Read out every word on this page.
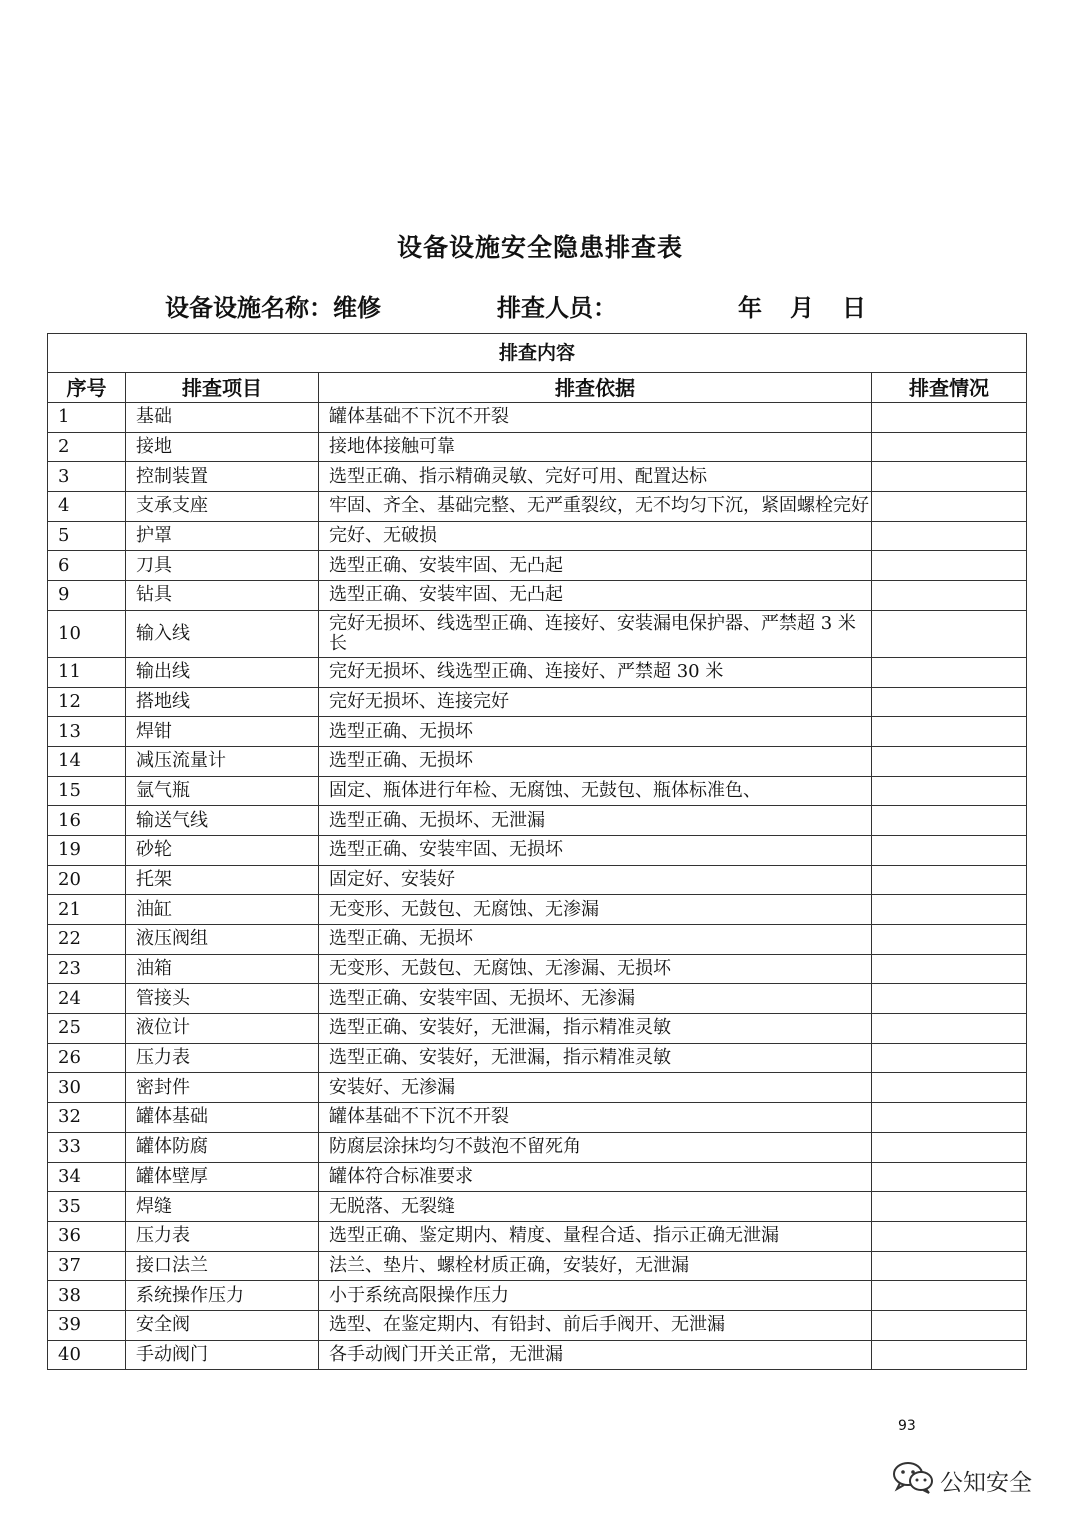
设备设施安全隐患排查表
设备设施名称：维修	排查人员：	年 月 日
排查内容			
序号	排查项目	排查依据	排查情况
1	基础	罐体基础不下沉不开裂	
2	接地	接地体接触可靠	
3	控制装置	选型正确、指示精确灵敏、完好可用、配置达标	
4	支承支座	牢固、齐全、基础完整、无严重裂纹，无不均匀下沉，紧固螺栓完好	
5	护罩	完好、无破损	
6	刀具	选型正确、安装牢固、无凸起	
9	钻具	选型正确、安装牢固、无凸起	
10	输入线	完好无损坏、线选型正确、连接好、安装漏电保护器、严禁超 3 米长	
11	输出线	完好无损坏、线选型正确、连接好、严禁超 30 米	
12	搭地线	完好无损坏、连接完好	
13	焊钳	选型正确、无损坏	
14	减压流量计	选型正确、无损坏	
15	氩气瓶	固定、瓶体进行年检、无腐蚀、无鼓包、瓶体标准色、	
16	输送气线	选型正确、无损坏、无泄漏	
19	砂轮	选型正确、安装牢固、无损坏	
20	托架	固定好、安装好	
21	油缸	无变形、无鼓包、无腐蚀、无渗漏	
22	液压阀组	选型正确、无损坏	
23	油箱	无变形、无鼓包、无腐蚀、无渗漏、无损坏	
24	管接头	选型正确、安装牢固、无损坏、无渗漏	
25	液位计	选型正确、安装好，无泄漏，指示精准灵敏	
26	压力表	选型正确、安装好，无泄漏，指示精准灵敏	
30	密封件	安装好、无渗漏	
32	罐体基础	罐体基础不下沉不开裂	
33	罐体防腐	防腐层涂抹均匀不鼓泡不留死角	
34	罐体壁厚	罐体符合标准要求	
35	焊缝	无脱落、无裂缝	
36	压力表	选型正确、鉴定期内、精度、量程合适、指示正确无泄漏	
37	接口法兰	法兰、垫片、螺栓材质正确，安装好，无泄漏	
38	系统操作压力	小于系统高限操作压力	
39	安全阀	选型、在鉴定期内、有铅封、前后手阀开、无泄漏	
40	手动阀门	各手动阀门开关正常，无泄漏	
93
公知安全
